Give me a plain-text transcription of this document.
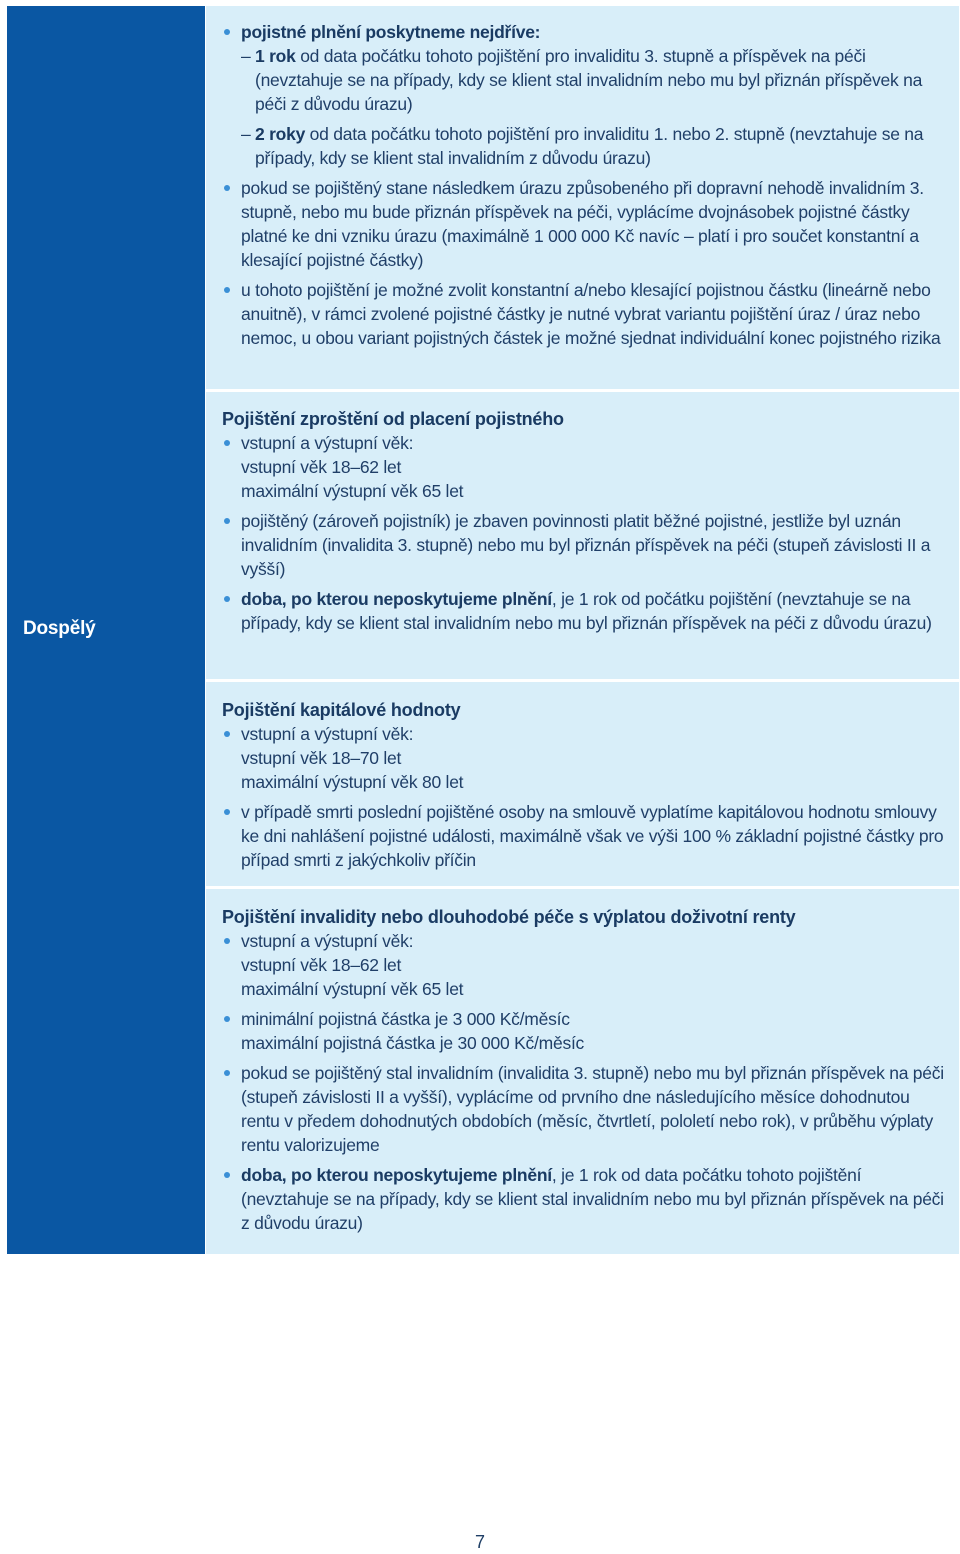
Dospělý
pojistné plnění poskytneme nejdříve:
– 1 rok od data počátku tohoto pojištění pro invaliditu 3. stupně a příspěvek na péči (nevztahuje se na případy, kdy se klient stal invalidním nebo mu byl přiznán příspěvek na péči z důvodu úrazu)
– 2 roky od data počátku tohoto pojištění pro invaliditu 1. nebo 2. stupně (nevztahuje se na případy, kdy se klient stal invalidním z důvodu úrazu)
pokud se pojištěný stane následkem úrazu způsobeného při dopravní nehodě invalidním 3. stupně, nebo mu bude přiznán příspěvek na péči, vyplácíme dvojnásobek pojistné částky platné ke dni vzniku úrazu (maximálně 1 000 000 Kč navíc – platí i pro součet konstantní a klesající pojistné částky)
u tohoto pojištění je možné zvolit konstantní a/nebo klesající pojistnou částku (lineárně nebo anuitně), v rámci zvolené pojistné částky je nutné vybrat variantu pojištění úraz / úraz nebo nemoc, u obou variant pojistných částek je možné sjednat individuální konec pojistného rizika
Pojištění zproštění od placení pojistného
vstupní a výstupní věk:
vstupní věk 18–62 let
maximální výstupní věk 65 let
pojištěný (zároveň pojistník) je zbaven povinnosti platit běžné pojistné, jestliže byl uznán invalidním (invalidita 3. stupně) nebo mu byl přiznán příspěvek na péči (stupeň závislosti II a vyšší)
doba, po kterou neposkytujeme plnění, je 1 rok od počátku pojištění (nevztahuje se na případy, kdy se klient stal invalidním nebo mu byl přiznán příspěvek na péči z důvodu úrazu)
Pojištění kapitálové hodnoty
vstupní a výstupní věk:
vstupní věk 18–70 let
maximální výstupní věk 80 let
v případě smrti poslední pojištěné osoby na smlouvě vyplatíme kapitálovou hodnotu smlouvy ke dni nahlášení pojistné události, maximálně však ve výši 100 % základní pojistné částky pro případ smrti z jakýchkoliv příčin
Pojištění invalidity nebo dlouhodobé péče s výplatou doživotní renty
vstupní a výstupní věk:
vstupní věk 18–62 let
maximální výstupní věk 65 let
minimální pojistná částka je 3 000 Kč/měsíc
maximální pojistná částka je 30 000 Kč/měsíc
pokud se pojištěný stal invalidním (invalidita 3. stupně) nebo mu byl přiznán příspěvek na péči (stupeň závislosti II a vyšší), vyplácíme od prvního dne následujícího měsíce dohodnutou rentu v předem dohodnutých obdobích (měsíc, čtvrtletí, pololetí nebo rok), v průběhu výplaty rentu valorizujeme
doba, po kterou neposkytujeme plnění, je 1 rok od data počátku tohoto pojištění (nevztahuje se na případy, kdy se klient stal invalidním nebo mu byl přiznán příspěvek na péči z důvodu úrazu)
7
